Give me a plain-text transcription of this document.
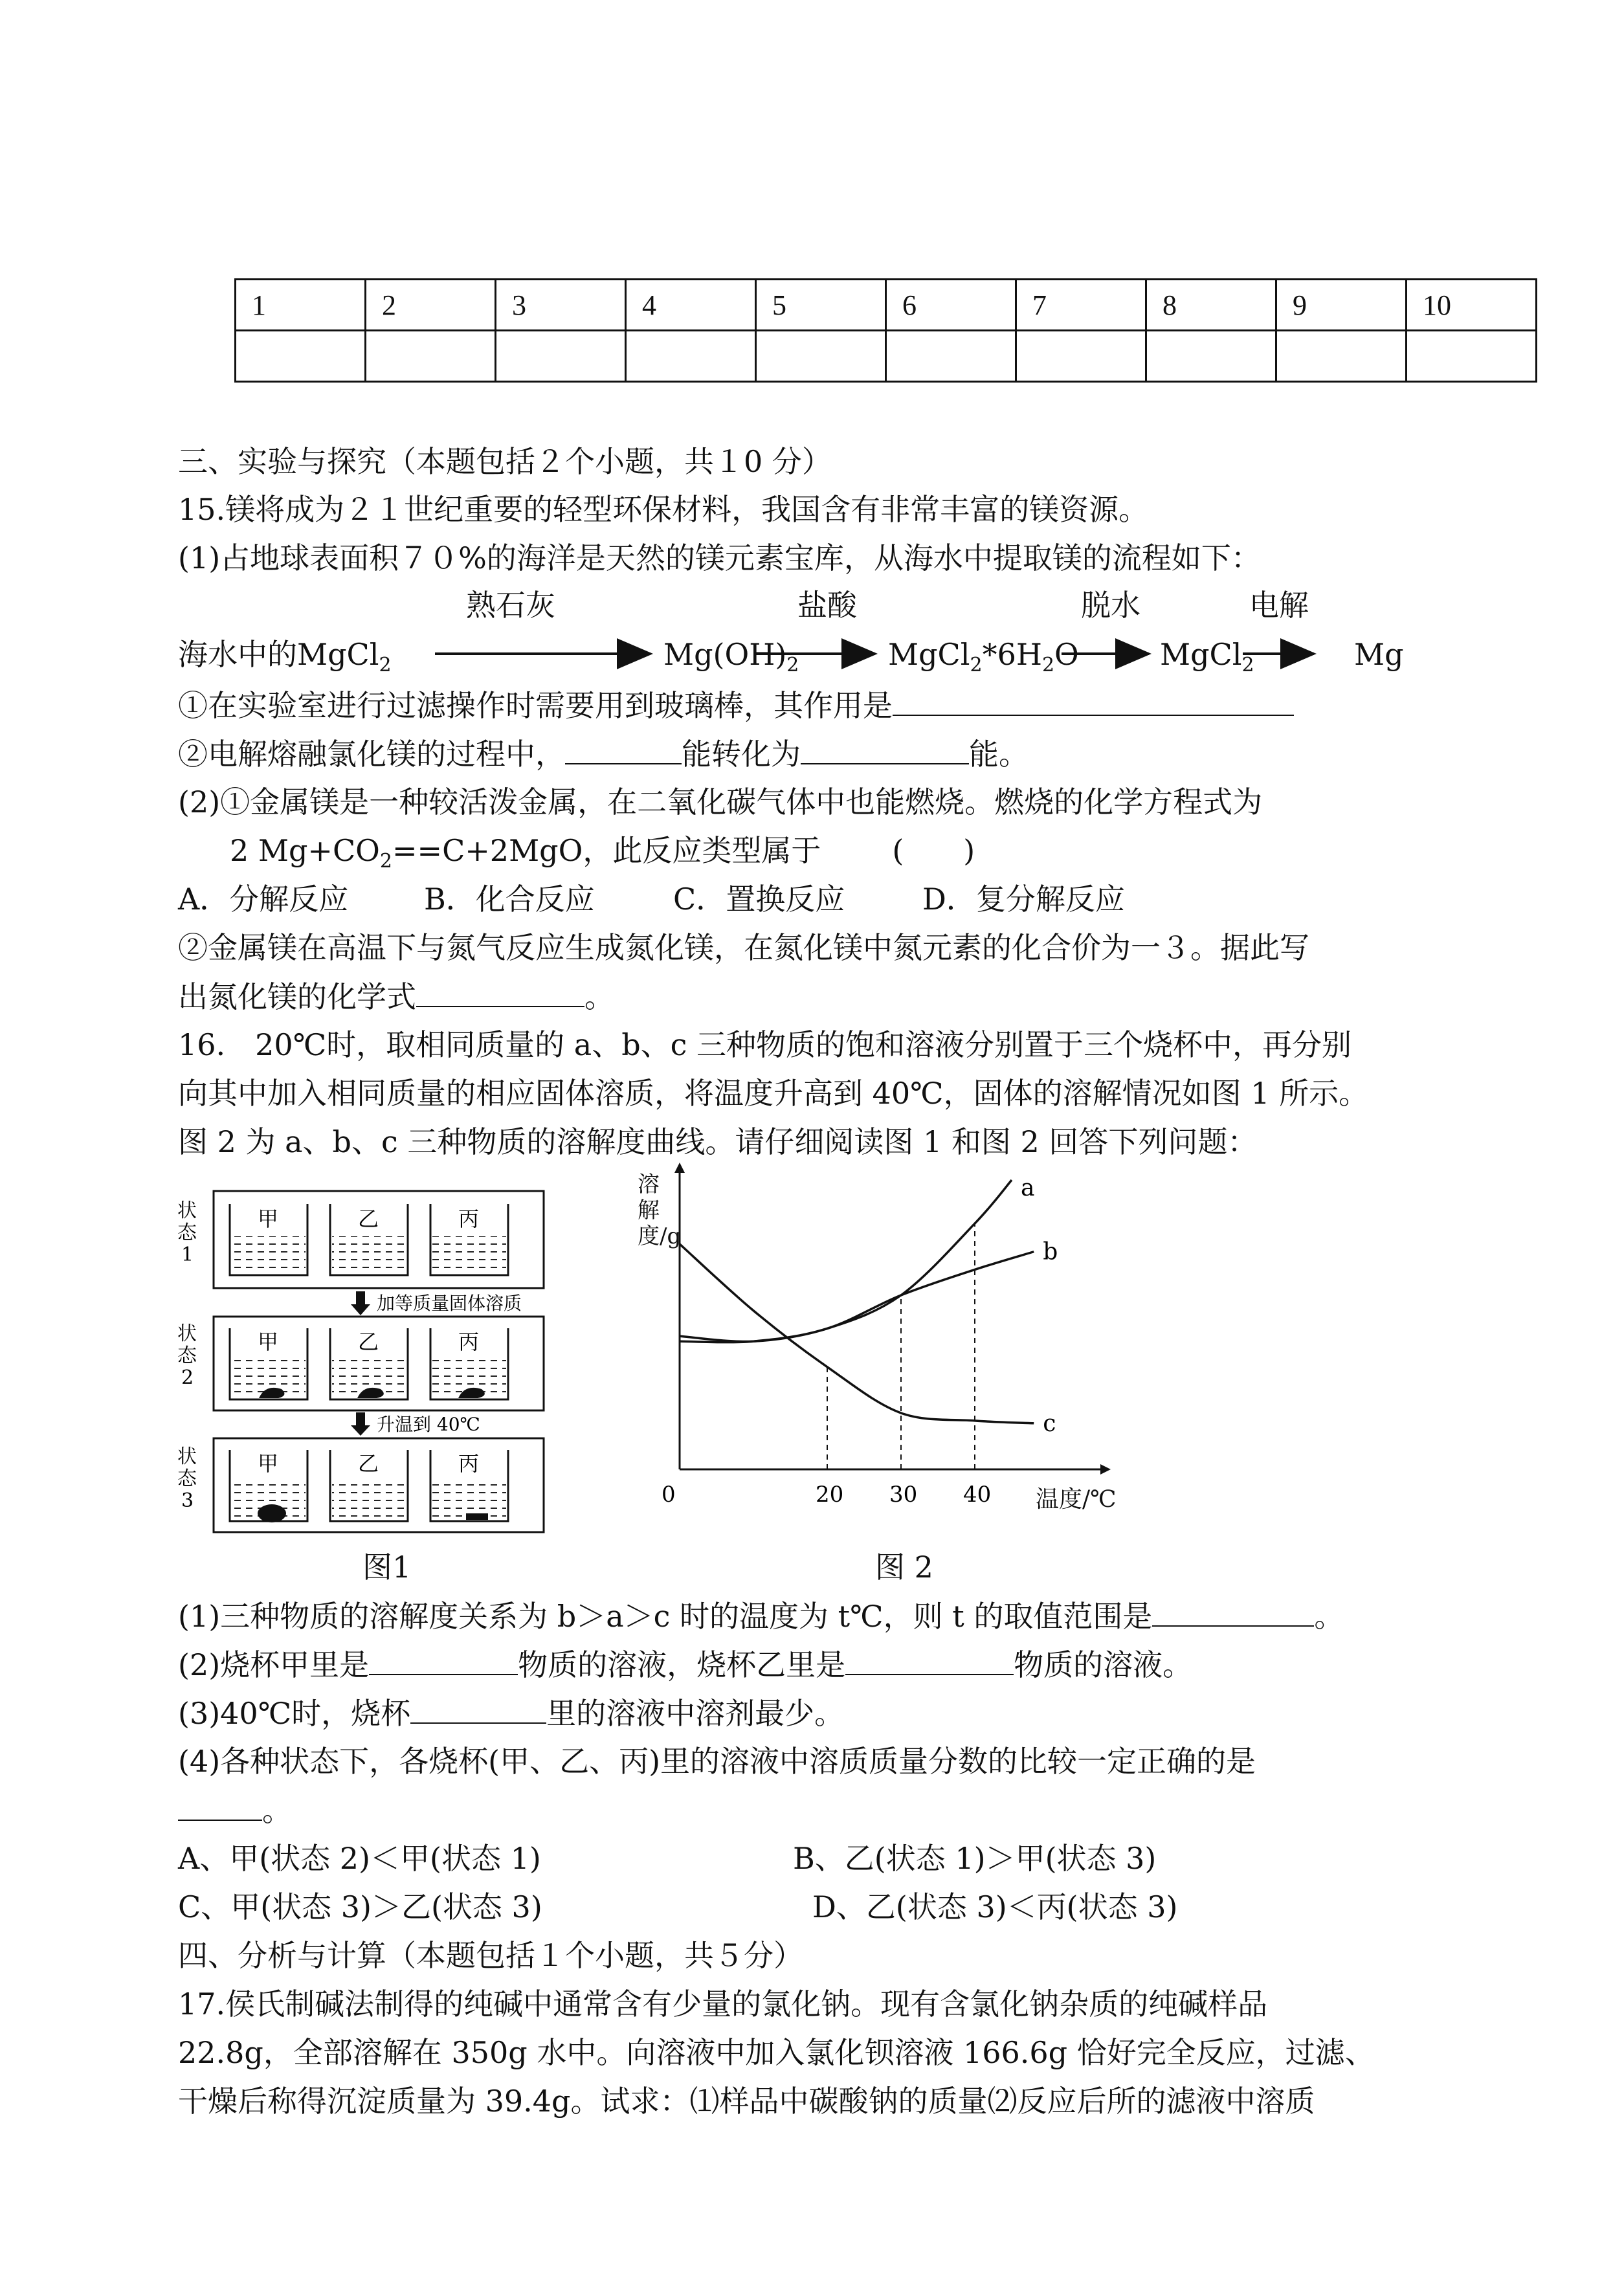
1	2	3	4	5	6	7	8	9	10

三、实验与探究（本题包括２个小题，共１0 分）
15.镁将成为２１世纪重要的轻型环保材料，我国含有非常丰富的镁资源。
(1)占地球表面积７０%的海洋是天然的镁元素宝库，从海水中提取镁的流程如下：
熟石灰	盐酸	脱水	电解
海水中的MgCl$_2$	$Mg(OH)_2$	$MgCl_2*6H_2O$	MgCl$_2$	Mg
①在实验室进行过滤操作时需要用到玻璃棒，其作用是
②电解熔融氯化镁的过程中，	能转化为	能。
(2)①金属镁是一种较活泼金属，在二氧化碳气体中也能燃烧。燃烧的化学方程式为
2 $Mg+CO_2==C+2MgO$，此反应类型属于 (　　)
A．分解反应	B．化合反应	C．置换反应	D．复分解反应
②金属镁在高温下与氮气反应生成氮化镁，在氮化镁中氮元素的化合价为一３。据此写
出氮化镁的化学式	。
16.　20℃时，取相同质量的 a、b、c 三种物质的饱和溶液分别置于三个烧杯中，再分别
向其中加入相同质量的相应固体溶质，将温度升高到 40℃，固体的溶解情况如图 1 所示。
图 2 为 a、b、c 三种物质的溶解度曲线。请仔细阅读图 1 和图 2 回答下列问题：
状态 1
甲	乙	丙
加等质量固体溶质
状态 2
甲	乙	丙
升温到 40℃
状态 3
甲	乙	丙
图1
0	20 30 40
a
b
c
溶解度/g
温度/℃
图 2
(1)三种物质的溶解度关系为 b＞a＞c 时的温度为 t℃，则 t 的取值范围是	。
(2)烧杯甲里是	物质的溶液，烧杯乙里是	物质的溶液。
(3)40℃时，烧杯	里的溶液中溶剂最少。
(4)各种状态下，各烧杯(甲、乙、丙)里的溶液中溶质质量分数的比较一定正确的是
。
A、甲(状态 2)＜甲(状态 1)	B、乙(状态 1)＞甲(状态 3)
C、甲(状态 3)＞乙(状态 3)	D、乙(状态 3)＜丙(状态 3)
四、分析与计算（本题包括１个小题，共５分）
17.侯氏制碱法制得的纯碱中通常含有少量的氯化钠。现有含氯化钠杂质的纯碱样品
22.8g，全部溶解在 350g 水中。向溶液中加入氯化钡溶液 166.6g 恰好完全反应，过滤、
干燥后称得沉淀质量为 39.4g。试求：⑴样品中碳酸钠的质量⑵反应后所的滤液中溶质
